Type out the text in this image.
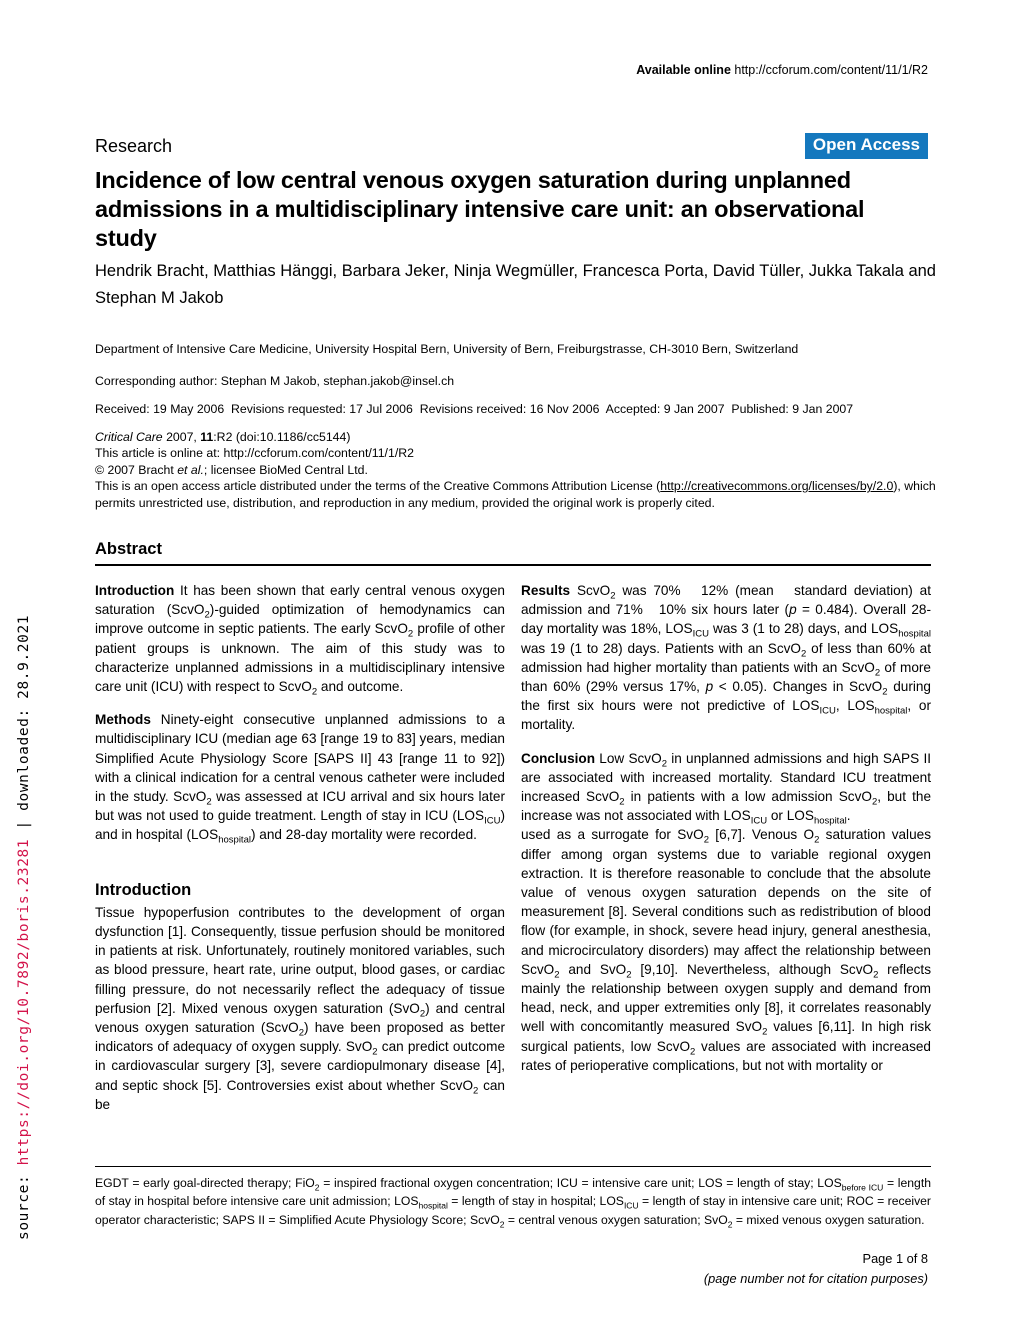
Available online http://ccforum.com/content/11/1/R2
Research	Open Access
Incidence of low central venous oxygen saturation during unplanned admissions in a multidisciplinary intensive care unit: an observational study
Hendrik Bracht, Matthias Hänggi, Barbara Jeker, Ninja Wegmüller, Francesca Porta, David Tüller, Jukka Takala and Stephan M Jakob
Department of Intensive Care Medicine, University Hospital Bern, University of Bern, Freiburgstrasse, CH-3010 Bern, Switzerland
Corresponding author: Stephan M Jakob, stephan.jakob@insel.ch
Received: 19 May 2006  Revisions requested: 17 Jul 2006  Revisions received: 16 Nov 2006  Accepted: 9 Jan 2007  Published: 9 Jan 2007
Critical Care 2007, 11:R2 (doi:10.1186/cc5144)
This article is online at: http://ccforum.com/content/11/1/R2
© 2007 Bracht et al.; licensee BioMed Central Ltd.
This is an open access article distributed under the terms of the Creative Commons Attribution License (http://creativecommons.org/licenses/by/2.0), which permits unrestricted use, distribution, and reproduction in any medium, provided the original work is properly cited.
Abstract

Introduction It has been shown that early central venous oxygen saturation (ScvO$_2$)-guided optimization of hemodynamics can improve outcome in septic patients. The early ScvO$_2$ profile of other patient groups is unknown. The aim of this study was to characterize unplanned admissions in a multidisciplinary intensive care unit (ICU) with respect to ScvO$_2$ and outcome.

Methods Ninety-eight consecutive unplanned admissions to a multidisciplinary ICU (median age 63 [range 19 to 83] years, median Simplified Acute Physiology Score [SAPS II] 43 [range 11 to 92]) with a clinical indication for a central venous catheter were included in the study. ScvO$_2$ was assessed at ICU arrival and six hours later but was not used to guide treatment. Length of stay in ICU $(LOS_{ICU})$ and in hospital $(LOS_{hospital})$ and 28-day mortality were recorded.

Introduction

Tissue hypoperfusion contributes to the development of organ dysfunction [1]. Consequently, tissue perfusion should be monitored in patients at risk. Unfortunately, routinely monitored variables, such as blood pressure, heart rate, urine output, blood gases, or cardiac filling pressure, do not necessarily reflect the adequacy of tissue perfusion [2]. Mixed venous oxygen saturation (SvO$_2$) and central venous oxygen saturation (ScvO$_2$) have been proposed as better indicators of adequacy of oxygen supply. SvO$_2$ can predict outcome in cardiovascular surgery [3], severe cardiopulmonary disease [4], and septic shock [5]. Controversies exist about whether ScvO$_2$ can be

Results ScvO$_2$ was 70%   12% (mean   standard deviation) at admission and 71%   10% six hours later (p = 0.484). Overall 28-day mortality was 18%, $LOS_{ICU}$ was 3 (1 to 28) days, and $LOS_{hospital}$ was 19 (1 to 28) days. Patients with an ScvO$_2$ of less than 60% at admission had higher mortality than patients with an ScvO$_2$ of more than 60% (29% versus 17%, p < 0.05). Changes in ScvO$_2$ during the first six hours were not predictive of $LOS_{ICU}$, $LOS_{hospital}$, or mortality.

Conclusion Low ScvO$_2$ in unplanned admissions and high SAPS II are associated with increased mortality. Standard ICU treatment increased ScvO$_2$ in patients with a low admission ScvO$_2$, but the increase was not associated with $LOS_{ICU}$ or $LOS_{hospital}$.

used as a surrogate for SvO$_2$ [6,7]. Venous $O_2$ saturation values differ among organ systems due to variable regional oxygen extraction. It is therefore reasonable to conclude that the absolute value of venous oxygen saturation depends on the site of measurement [8]. Several conditions such as redistribution of blood flow (for example, in shock, severe head injury, general anesthesia, and microcirculatory disorders) may affect the relationship between ScvO$_2$ and SvO$_2$ [9,10]. Nevertheless, although ScvO$_2$ reflects mainly the relationship between oxygen supply and demand from head, neck, and upper extremities only [8], it correlates reasonably well with concomitantly measured SvO$_2$ values [6,11]. In high risk surgical patients, low ScvO$_2$ values are associated with increased rates of perioperative complications, but not with mortality or

EGDT = early goal-directed therapy; FiO$_2$ = inspired fractional oxygen concentration; ICU = intensive care unit; LOS = length of stay; $LOS_{before ICU}$ = length of stay in hospital before intensive care unit admission; $LOS_{hospital}$ = length of stay in hospital; $LOS_{ICU}$ = length of stay in intensive care unit; ROC = receiver operator characteristic; SAPS II = Simplified Acute Physiology Score; ScvO$_2$ = central venous oxygen saturation; SvO$_2$ = mixed venous oxygen saturation.
Page 1 of 8
(page number not for citation purposes)
source: https://doi.org/10.7892/boris.23281 | downloaded: 28.9.2021
